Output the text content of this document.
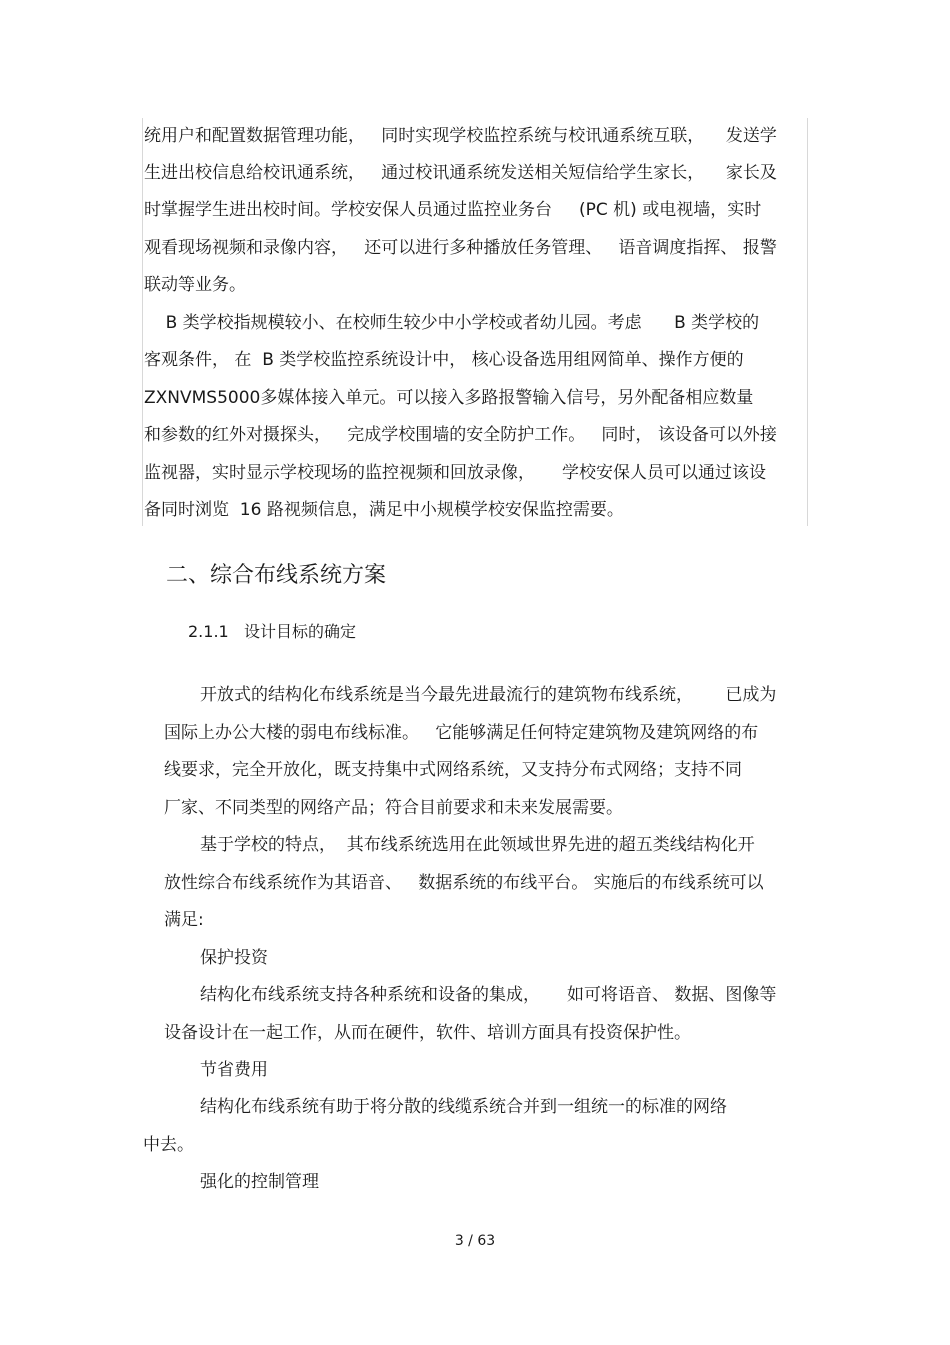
统用户和配置数据管理功能，   同时实现学校监控系统与校讯通系统互联，    发送学
生进出校信息给校讯通系统，   通过校讯通系统发送相关短信给学生家长，    家长及
时掌握学生进出校时间。学校安保人员通过监控业务台     (PC 机) 或电视墙，实时
观看现场视频和录像内容，   还可以进行多种播放任务管理、   语音调度指挥、 报警
联动等业务。
B 类学校指规模较小、在校师生较少中小学校或者幼儿园。考虑      B 类学校的
客观条件， 在  B 类学校监控系统设计中， 核心设备选用组网简单、操作方便的
ZXNVMS5000多媒体接入单元。可以接入多路报警输入信号，另外配备相应数量
和参数的红外对摄探头，   完成学校围墙的安全防护工作。   同时， 该设备可以外接
监视器，实时显示学校现场的监控视频和回放录像，     学校安保人员可以通过该设
备同时浏览  16 路视频信息，满足中小规模学校安保监控需要。
二、综合布线系统方案
2.1.1   设计目标的确定
开放式的结构化布线系统是当今最先进最流行的建筑物布线系统，      已成为
国际上办公大楼的弱电布线标准。   它能够满足任何特定建筑物及建筑网络的布
线要求，完全开放化，既支持集中式网络系统，又支持分布式网络；支持不同
厂家、不同类型的网络产品；符合目前要求和未来发展需要。
基于学校的特点，  其布线系统选用在此领域世界先进的超五类线结构化开
放性综合布线系统作为其语音、   数据系统的布线平台。 实施后的布线系统可以
满足:
保护投资
结构化布线系统支持各种系统和设备的集成，     如可将语音、 数据、图像等
设备设计在一起工作，从而在硬件，软件、培训方面具有投资保护性。
节省费用
结构化布线系统有助于将分散的线缆系统合并到一组统一的标准的网络
中去。
强化的控制管理
3 / 63
